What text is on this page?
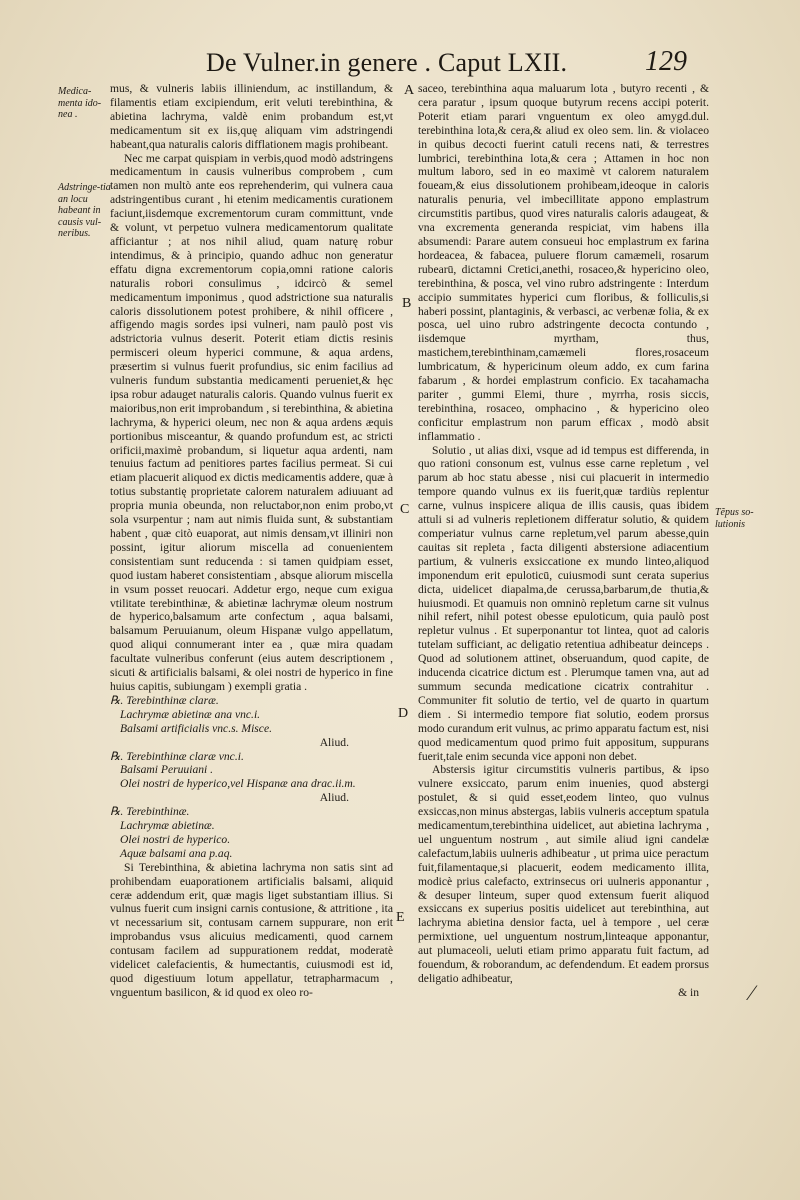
De Vulner.in genere . Caput LXII.	129
Medica-menta ido-nea .
Adstringe-tia an locu habeant in causis vul-neribus.
Tẽpus so-lutionis
A
B
C
D
E
⁄

mus, & vulneris labiis illiniendum, ac instillandum, & filamentis etiam excipiendum, erit veluti terebinthina, & abietina lachryma, valdè enim probandum est,vt medicamentum sit ex iis,quę aliquam vim adstringendi habeant,qua naturalis caloris difflationem magis prohibeant.

Nec me carpat quispiam in verbis,quod modò adstringens medicamentum in causis vulneribus comprobem , cum tamen non multò ante eos reprehenderim, qui vulnera caua adstringentibus curant , hi etenim medicamentis curationem faciunt,iisdemque excrementorum curam committunt, vnde & volunt, vt perpetuo vulnera medicamentorum qualitate afficiantur ; at nos nihil aliud, quam naturę robur intendimus, & à principio, quando adhuc non generatur effatu digna excrementorum copia,omni ratione caloris naturalis robori consulimus , idcircò & semel medicamentum imponimus , quod adstrictione sua naturalis caloris dissolutionem potest prohibere, & nihil officere , affigendo magis sordes ipsi vulneri, nam paulò post vis adstrictoria vulnus deserit. Poterit etiam dictis resinis permisceri oleum hyperici commune, & aqua ardens, præsertim si vulnus fuerit profundius, sic enim facilius ad vulneris fundum substantia medicamenti perueniet,& hęc ipsa robur adauget naturalis caloris. Quando vulnus fuerit ex maioribus,non erit improbandum , si terebinthina, & abietina lachryma, & hyperici oleum, nec non & aqua ardens æquis portionibus misceantur, & quando profundum est, ac stricti orificii,maximè probandum, si liquetur aqua ardenti, nam tenuius factum ad penitiores partes facilius permeat. Si cui etiam placuerit aliquod ex dictis medicamentis addere, quæ à totius substantię proprietate calorem naturalem adiuuant ad propria munia obeunda, non reluctabor,non enim probo,vt sola vsurpentur ; nam aut nimis fluida sunt, & substantiam habent , quæ citò euaporat, aut nimis densam,vt illiniri non possint, igitur aliorum miscella ad conuenientem consistentiam sunt reducenda : si tamen quidpiam esset, quod iustam haberet consistentiam , absque aliorum miscella in vsum posset reuocari. Addetur ergo, neque cum exigua vtilitate terebinthinæ, & abietinæ lachrymæ oleum nostrum de hyperico,balsamum arte confectum , aqua balsami, balsamum Peruuianum, oleum Hispanæ vulgo appellatum, quod aliqui connumerant inter ea , quæ mira quadam facultate vulneribus conferunt (eius autem descriptionem , sicuti & artificialis balsami, & olei nostri de hyperico in fine huius capitis, subiungam ) exempli gratia .

℞. Terebinthinæ claræ.

Lachrymæ abietinæ ana vnc.i.

Balsami artificialis vnc.s. Misce.

Aliud.

℞. Terebinthinæ claræ vnc.i.

Balsami Peruuiani .

Olei nostri de hyperico,vel Hispanæ ana drac.ii.m.

Aliud.

℞. Terebinthinæ.

Lachrymæ abietinæ.

Olei nostri de hyperico.

Aquæ balsami ana p.aq.

Si Terebinthina, & abietina lachryma non satis sint ad prohibendam euaporationem artificialis balsami, aliquid ceræ addendum erit, quæ magis liget substantiam illius. Si vulnus fuerit cum insigni carnis contusione, & attritione , ita vt necessarium sit, contusam carnem suppurare, non erit improbandus vsus alicuius medicamenti, quod carnem contusam facilem ad suppurationem reddat, moderatè videlicet calefacientis, & humectantis, cuiusmodi est id, quod digestiuum lotum appellatur, tetrapharmacum , vnguentum basilicon, & id quod ex oleo ro-

saceo, terebinthina aqua maluarum lota , butyro recenti , & cera paratur , ipsum quoque butyrum recens accipi poterit. Poterit etiam parari vnguentum ex oleo amygd.dul. terebinthina lota,& cera,& aliud ex oleo sem. lin. & violaceo in quibus decocti fuerint catuli recens nati, & terrestres lumbrici, terebinthina lota,& cera ; Attamen in hoc non multum laboro, sed in eo maximè vt calorem naturalem foueam,& eius dissolutionem prohibeam,ideoque in caloris naturalis penuria, vel imbecillitate appono emplastrum circumstitis partibus, quod vires naturalis caloris adaugeat, & vna excrementa generanda respiciat, vim habens illa absumendi: Parare autem consueui hoc emplastrum ex farina hordeacea, & fabacea, puluere florum camæmeli, rosarum rubearū, dictamni Cretici,anethi, rosaceo,& hypericino oleo, terebinthina, & posca, vel vino rubro adstringente : Interdum accipio summitates hyperici cum floribus, & folliculis,si haberi possint, plantaginis, & verbasci, ac verbenæ folia, & ex posca, uel uino rubro adstringente decocta contundo , iisdemque myrtham, thus, mastichem,terebinthinam,camæmeli flores,rosaceum lumbricatum, & hypericinum oleum addo, ex cum farina fabarum , & hordei emplastrum conficio. Ex tacahamacha pariter , gummi Elemi, thure , myrrha, rosis siccis, terebinthina, rosaceo, omphacino , & hypericino oleo conficitur emplastrum non parum efficax , modò absit inflammatio .

Solutio , ut alias dixi, vsque ad id tempus est differenda, in quo rationi consonum est, vulnus esse carne repletum , vel parum ab hoc statu abesse , nisi cui placuerit in intermedio tempore quando vulnus ex iis fuerit,quæ tardiùs replentur carne, vulnus inspicere aliqua de illis causis, quas ibidem attuli si ad vulneris repletionem differatur solutio, & quidem comperiatur vulnus carne repletum,vel parum abesse,quin cauitas sit repleta , facta diligenti abstersione adiacentium partium, & vulneris exsiccatione ex mundo linteo,aliquod imponendum erit epuloticū, cuiusmodi sunt cerata superius dicta, uidelicet diapalma,de cerussa,barbarum,de thutia,& huiusmodi. Et quamuis non omninò repletum carne sit vulnus nihil refert, nihil potest obesse epuloticum, quia paulò post repletur vulnus . Et superponantur tot lintea, quot ad caloris tutelam sufficiant, ac deligatio retentiua adhibeatur deinceps . Quod ad solutionem attinet, obseruandum, quod capite, de inducenda cicatrice dictum est . Plerumque tamen vna, aut ad summum secunda medicatione cicatrix contrahitur . Communiter fit solutio de tertio, vel de quarto in quartum diem . Si intermedio tempore fiat solutio, eodem prorsus modo curandum erit vulnus, ac primo apparatu factum est, nisi quod medicamentum quod primo fuit appositum, suppurans fuerit,tale enim secunda vice apponi non debet.

Abstersis igitur circumstitis vulneris partibus, & ipso vulnere exsiccato, parum enim inuenies, quod abstergi postulet, & si quid esset,eodem linteo, quo vulnus exsiccas,non minus abstergas, labiis vulneris acceptum spatula medicamentum,terebinthina uidelicet, aut abietina lachryma , uel unguentum nostrum , aut simile aliud igni candelæ calefactum,labiis uulneris adhibeatur , ut prima uice peractum fuit,filamentaque,si placuerit, eodem medicamento illita, modicè prius calefacto, extrinsecus ori uulneris apponantur , & desuper linteum, super quod extensum fuerit aliquod exsiccans ex superius positis uidelicet aut terebinthina, aut lachryma abietina densior facta, uel à tempore , uel ceræ permixtione, uel unguentum nostrum,linteaque apponantur, aut plumaceoli, ueluti etiam primo apparatu fuit factum, ad fouendum, & roborandum, ac defendendum. Et eadem prorsus deligatio adhibeatur,

& in
